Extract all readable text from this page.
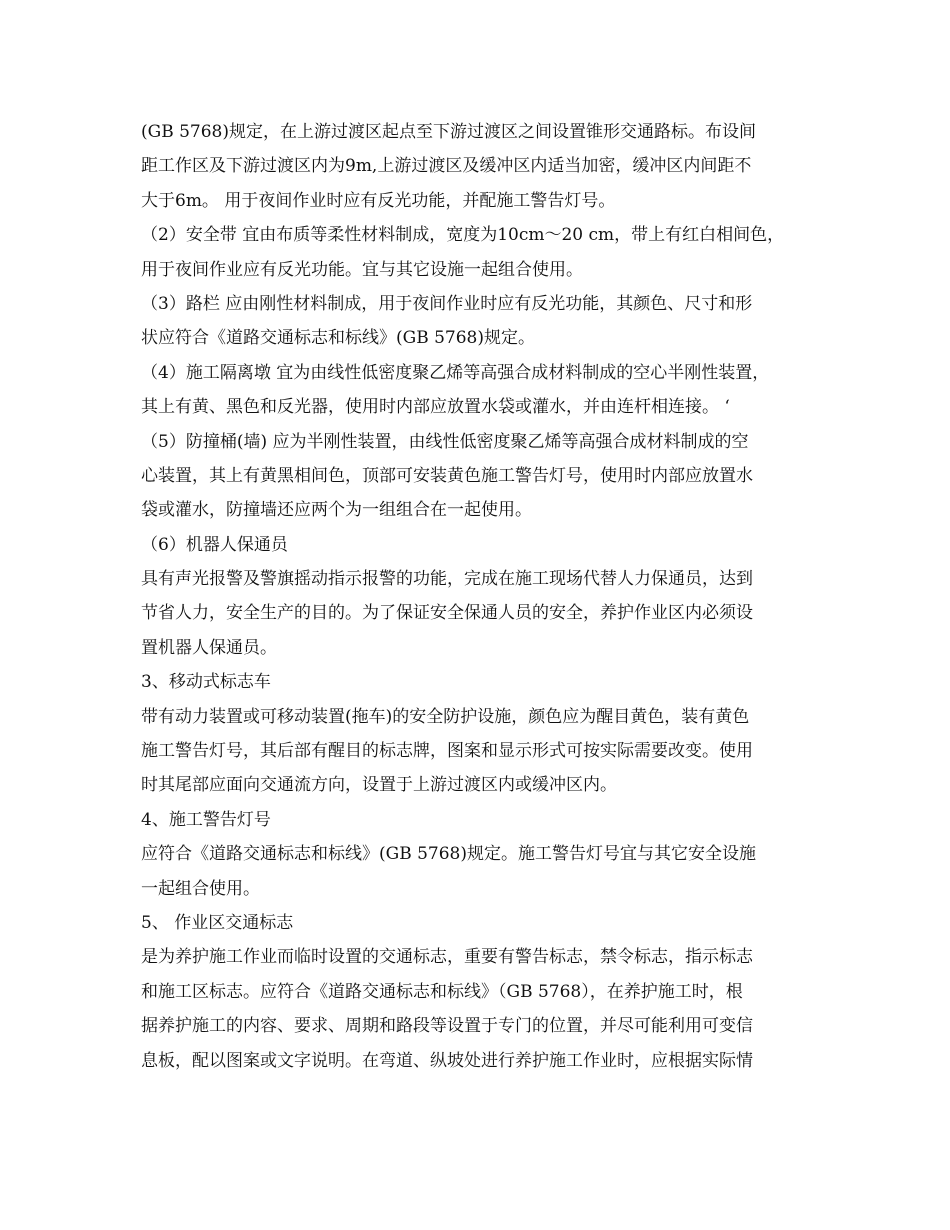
(GB 5768)规定，在上游过渡区起点至下游过渡区之间设置锥形交通路标。布设间
距工作区及下游过渡区内为9m,上游过渡区及缓冲区内适当加密，缓冲区内间距不
大于6m。 用于夜间作业时应有反光功能，并配施工警告灯号。
（2）安全带 宜由布质等柔性材料制成，宽度为10cm～20 cm，带上有红白相间色，
用于夜间作业应有反光功能。宜与其它设施一起组合使用。
（3）路栏 应由刚性材料制成，用于夜间作业时应有反光功能，其颜色、尺寸和形
状应符合《道路交通标志和标线》(GB 5768)规定。
（4）施工隔离墩 宜为由线性低密度聚乙烯等高强合成材料制成的空心半刚性装置，
其上有黄、黑色和反光器，使用时内部应放置水袋或灌水，并由连杆相连接。 ‘
（5）防撞桶(墙) 应为半刚性装置，由线性低密度聚乙烯等高强合成材料制成的空
心装置，其上有黄黑相间色，顶部可安装黄色施工警告灯号，使用时内部应放置水
袋或灌水，防撞墙还应两个为一组组合在一起使用。
（6）机器人保通员
具有声光报警及警旗摇动指示报警的功能，完成在施工现场代替人力保通员，达到
节省人力，安全生产的目的。为了保证安全保通人员的安全，养护作业区内必须设
置机器人保通员。
3、移动式标志车
带有动力装置或可移动装置(拖车)的安全防护设施，颜色应为醒目黄色，装有黄色
施工警告灯号，其后部有醒目的标志牌，图案和显示形式可按实际需要改变。使用
时其尾部应面向交通流方向，设置于上游过渡区内或缓冲区内。
4、施工警告灯号
应符合《道路交通标志和标线》(GB 5768)规定。施工警告灯号宜与其它安全设施
一起组合使用。
5、 作业区交通标志
是为养护施工作业而临时设置的交通标志，重要有警告标志，禁令标志，指示标志
和施工区标志。应符合《道路交通标志和标线》（GB 5768），在养护施工时，根
据养护施工的内容、要求、周期和路段等设置于专门的位置，并尽可能利用可变信
息板，配以图案或文字说明。在弯道、纵坡处进行养护施工作业时，应根据实际情
